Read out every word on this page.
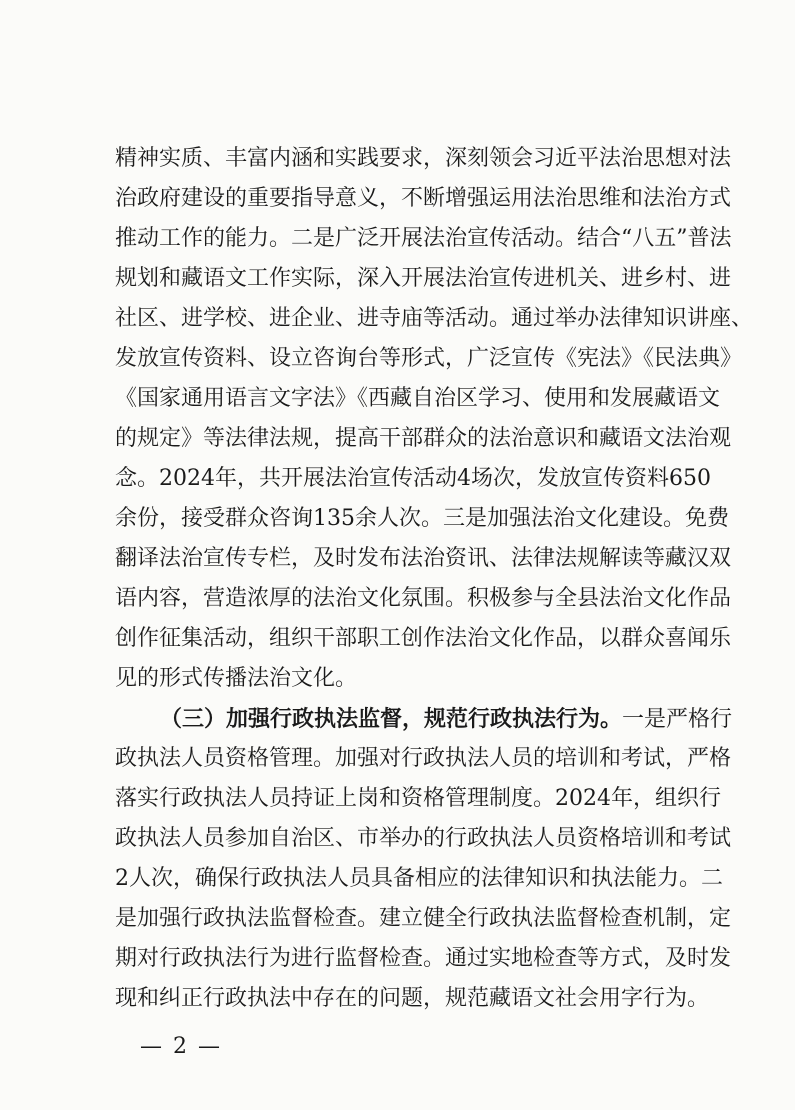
精神实质、丰富内涵和实践要求，深刻领会习近平法治思想对法
治政府建设的重要指导意义，不断增强运用法治思维和法治方式
推动工作的能力。二是广泛开展法治宣传活动。结合“八五”普法
规划和藏语文工作实际，深入开展法治宣传进机关、进乡村、进
社区、进学校、进企业、进寺庙等活动。通过举办法律知识讲座、
发放宣传资料、设立咨询台等形式，广泛宣传《宪法》《民法典》
《国家通用语言文字法》《西藏自治区学习、使用和发展藏语文
的规定》等法律法规，提高干部群众的法治意识和藏语文法治观
念。2024年，共开展法治宣传活动4场次，发放宣传资料650
余份，接受群众咨询135余人次。三是加强法治文化建设。免费
翻译法治宣传专栏，及时发布法治资讯、法律法规解读等藏汉双
语内容，营造浓厚的法治文化氛围。积极参与全县法治文化作品
创作征集活动，组织干部职工创作法治文化作品，以群众喜闻乐
见的形式传播法治文化。
（三）加强行政执法监督，规范行政执法行为。一是严格行
政执法人员资格管理。加强对行政执法人员的培训和考试，严格
落实行政执法人员持证上岗和资格管理制度。2024年，组织行
政执法人员参加自治区、市举办的行政执法人员资格培训和考试
2人次，确保行政执法人员具备相应的法律知识和执法能力。二
是加强行政执法监督检查。建立健全行政执法监督检查机制，定
期对行政执法行为进行监督检查。通过实地检查等方式，及时发
现和纠正行政执法中存在的问题，规范藏语文社会用字行为。
— 2 —
